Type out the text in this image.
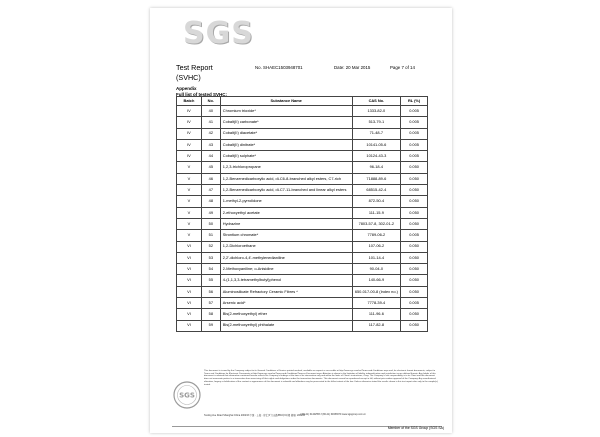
SGS
Test Report
(SVHC)
No. SHAEC1503948701	Date: 20 Mar 2015	Page 7 of 14
Appendix
Full list of tested SVHC:
Batch	No.	Substance Name	CAS No.	RL (%)
IV	40	Chromium trioxide*	1333-82-0	0.005
IV	41	Cobalt(II) carbonate*	513-79-1	0.005
IV	42	Cobalt(II) diacetate*	71-48-7	0.005
IV	43	Cobalt(II) dinitrate*	10141-05-6	0.005
IV	44	Cobalt(II) sulphate*	10124-43-3	0.005
V	45	1,2,3-trichloropropane	96-18-4	0.050
V	46	1,2-Benzenedicarboxylic acid, di-C6-8-branched alkyl esters, C7-rich	71888-89-6	0.050
V	47	1,2-Benzenedicarboxylic acid, di-C7-11-branched and linear alkyl esters	68515-42-4	0.050
V	48	1-methyl-2-pyrrolidone	872-50-4	0.050
V	49	2-ethoxyethyl acetate	111-15-9	0.050
V	50	Hydrazine	7803-57-8, 302-01-2	0.050
V	51	Strontium chromate*	7789-06-2	0.005
VI	52	1,2-Dichloroethane	107-06-2	0.050
VI	53	2,2'-dichloro-4,4'-methylenedianiline	101-14-4	0.050
VI	54	2-Methoxyaniline; o-Anisidine	90-04-0	0.050
VI	55	4-(1,1,3,3-tetramethylbutyl)phenol	140-66-9	0.050
VI	56	Aluminosilicate Refractory Ceramic Fibres ^	650-017-00-8 (Index no.)	0.050
VI	57	Arsenic acid*	7778-39-4	0.005
VI	58	Bis(2-methoxyethyl) ether	111-96-6	0.050
VI	59	Bis(2-methoxyethyl) phthalate	117-82-8	0.050
SGS
This document is issued by the Company subject to its General Conditions of Service printed overleaf, available on request or accessible at http://www.sgs.com/en/Terms-and-Conditions.aspx and, for electronic format documents, subject to Terms and Conditions for Electronic Documents at http://www.sgs.com/en/Terms-and-Conditions/Terms-e-Document.aspx. Attention is drawn to the limitation of liability, indemnification and jurisdiction issues defined therein. Any holder of this document is advised that information contained hereon reflects the Company's findings at the time of its intervention only and within the limits of Client's instructions, if any. The Company's sole responsibility is to its Client and this document does not exonerate parties to a transaction from exercising all their rights and obligations under the transaction documents. This document cannot be reproduced except in full, without prior written approval of the Company. Any unauthorized alteration, forgery or falsification of the content or appearance of this document is unlawful and offenders may be prosecuted to the fullest extent of the law. Unless otherwise stated the results shown in this test report refer only to the sample(s) tested.
Testing Ave Road Shanghai China 200233 中国 · 上海 · 徐汇区宜山路889号3号楼 邮编: 200233
t (86-21) 61402553 f (86-21) 64953679 www.sgsgroup.com.cn
Member of the SGS Group (SGS SA)
